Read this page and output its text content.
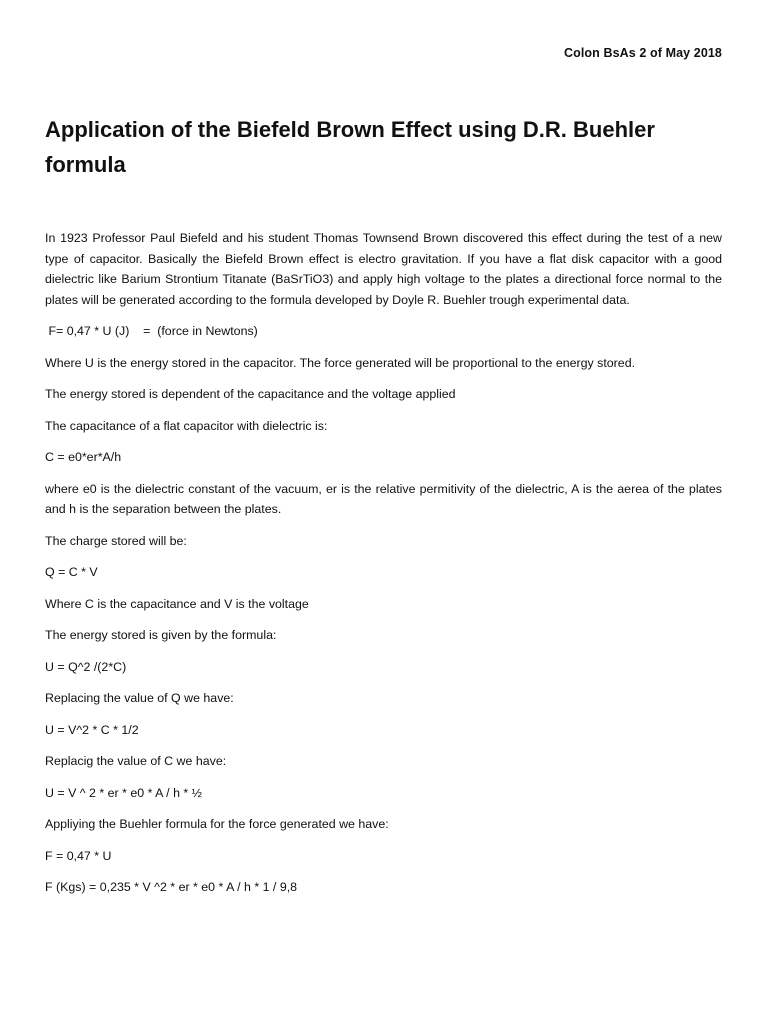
Colon BsAs 2 of May 2018
Application of the Biefeld Brown Effect using D.R. Buehler formula

In 1923 Professor Paul Biefeld and his student Thomas Townsend Brown discovered this effect during the test of a new type of capacitor. Basically the Biefeld Brown effect is electro gravitation. If you have a flat disk capacitor with a good dielectric like Barium Strontium Titanate (BaSrTiO3) and apply high voltage to the plates a directional force normal to the plates will be generated according to the formula developed by Doyle R. Buehler trough experimental data.

F= 0,47 * U (J)    =  (force in Newtons)

Where U is the energy stored in the capacitor. The force generated will be proportional to the energy stored.

The energy stored is dependent of the capacitance and the voltage applied

The capacitance of a flat capacitor with dielectric is:

C = e0*er*A/h

where e0 is the dielectric constant of the vacuum, er is the relative permitivity of the dielectric, A is the aerea of the plates and h is the separation between the plates.

The charge stored will be:

Q = C * V

Where C is the capacitance and V is the voltage

The energy stored is given by the formula:

U = Q^2 /(2*C)

Replacing the value of Q we have:

U = V^2 * C * 1/2

Replacig the value of C we have:

U = V ^ 2 * er * e0 * A / h * ½

Appliying the Buehler formula for the force generated we have:

F = 0,47 * U

F (Kgs) = 0,235 * V ^2 * er * e0 * A / h * 1 / 9,8
